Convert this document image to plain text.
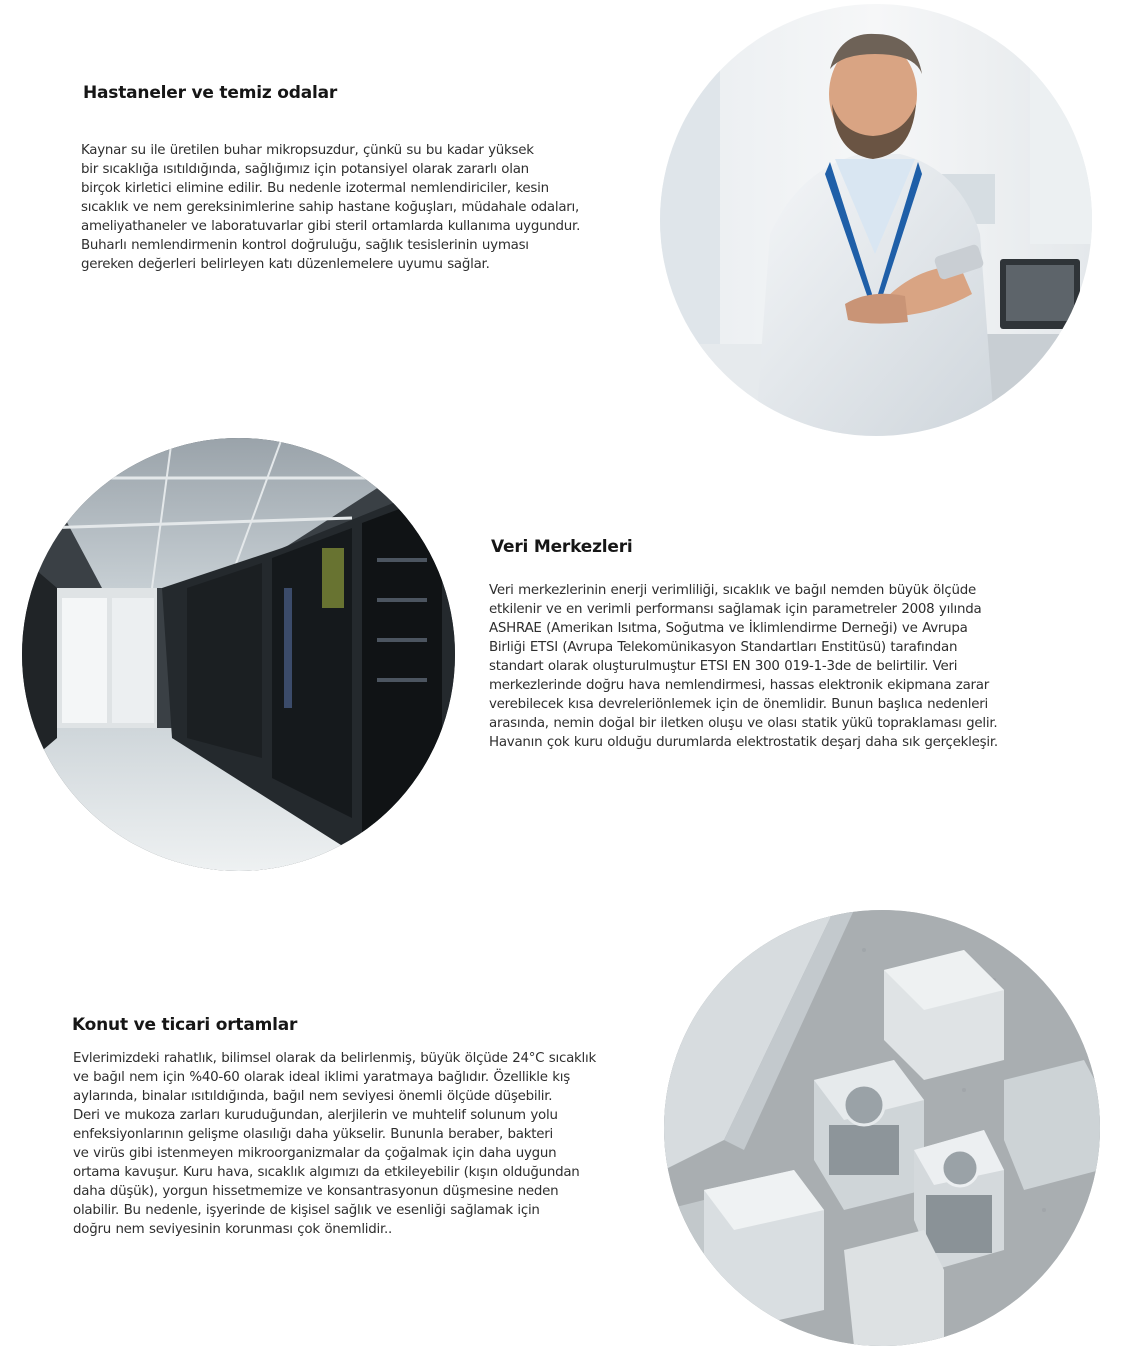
Hastaneler ve temiz odalar

Kaynar su ile üretilen buhar mikropsuzdur, çünkü su bu kadar yüksek
bir sıcaklığa ısıtıldığında, sağlığımız için potansiyel olarak zararlı olan
birçok kirletici elimine edilir. Bu nedenle izotermal nemlendiriciler, kesin
sıcaklık ve nem gereksinimlerine sahip hastane koğuşları, müdahale odaları,
ameliyathaneler ve laboratuvarlar gibi steril ortamlarda kullanıma uygundur.
Buharlı nemlendirmenin kontrol doğruluğu, sağlık tesislerinin uyması
gereken değerleri belirleyen katı düzenlemelere uyumu sağlar.

Veri Merkezleri

Veri merkezlerinin enerji verimliliği, sıcaklık ve bağıl nemden büyük ölçüde
etkilenir ve en verimli performansı sağlamak için parametreler 2008 yılında
ASHRAE (Amerikan Isıtma, Soğutma ve İklimlendirme Derneği) ve Avrupa
Birliği ETSI (Avrupa Telekomünikasyon Standartları Enstitüsü) tarafından
standart olarak oluşturulmuştur ETSI EN 300 019-1-3de de belirtilir. Veri
merkezlerinde doğru hava nemlendirmesi, hassas elektronik ekipmana zarar
verebilecek kısa devreleriönlemek için de önemlidir. Bunun başlıca nedenleri
arasında, nemin doğal bir iletken oluşu ve olası statik yükü topraklaması gelir.
Havanın çok kuru olduğu durumlarda elektrostatik deşarj daha sık gerçekleşir.

Konut ve ticari ortamlar

Evlerimizdeki rahatlık, bilimsel olarak da belirlenmiş, büyük ölçüde 24°C sıcaklık
ve bağıl nem için %40-60 olarak ideal iklimi yaratmaya bağlıdır. Özellikle kış
aylarında, binalar ısıtıldığında, bağıl nem seviyesi önemli ölçüde düşebilir.
Deri ve mukoza zarları kuruduğundan, alerjilerin ve muhtelif solunum yolu
enfeksiyonlarının gelişme olasılığı daha yükselir. Bununla beraber, bakteri
ve virüs gibi istenmeyen mikroorganizmalar da çoğalmak için daha uygun
ortama kavuşur. Kuru hava, sıcaklık algımızı da etkileyebilir (kışın olduğundan
daha düşük), yorgun hissetmemize ve konsantrasyonun düşmesine neden
olabilir. Bu nedenle, işyerinde de kişisel sağlık ve esenliği sağlamak için
doğru nem seviyesinin korunması çok önemlidir..
